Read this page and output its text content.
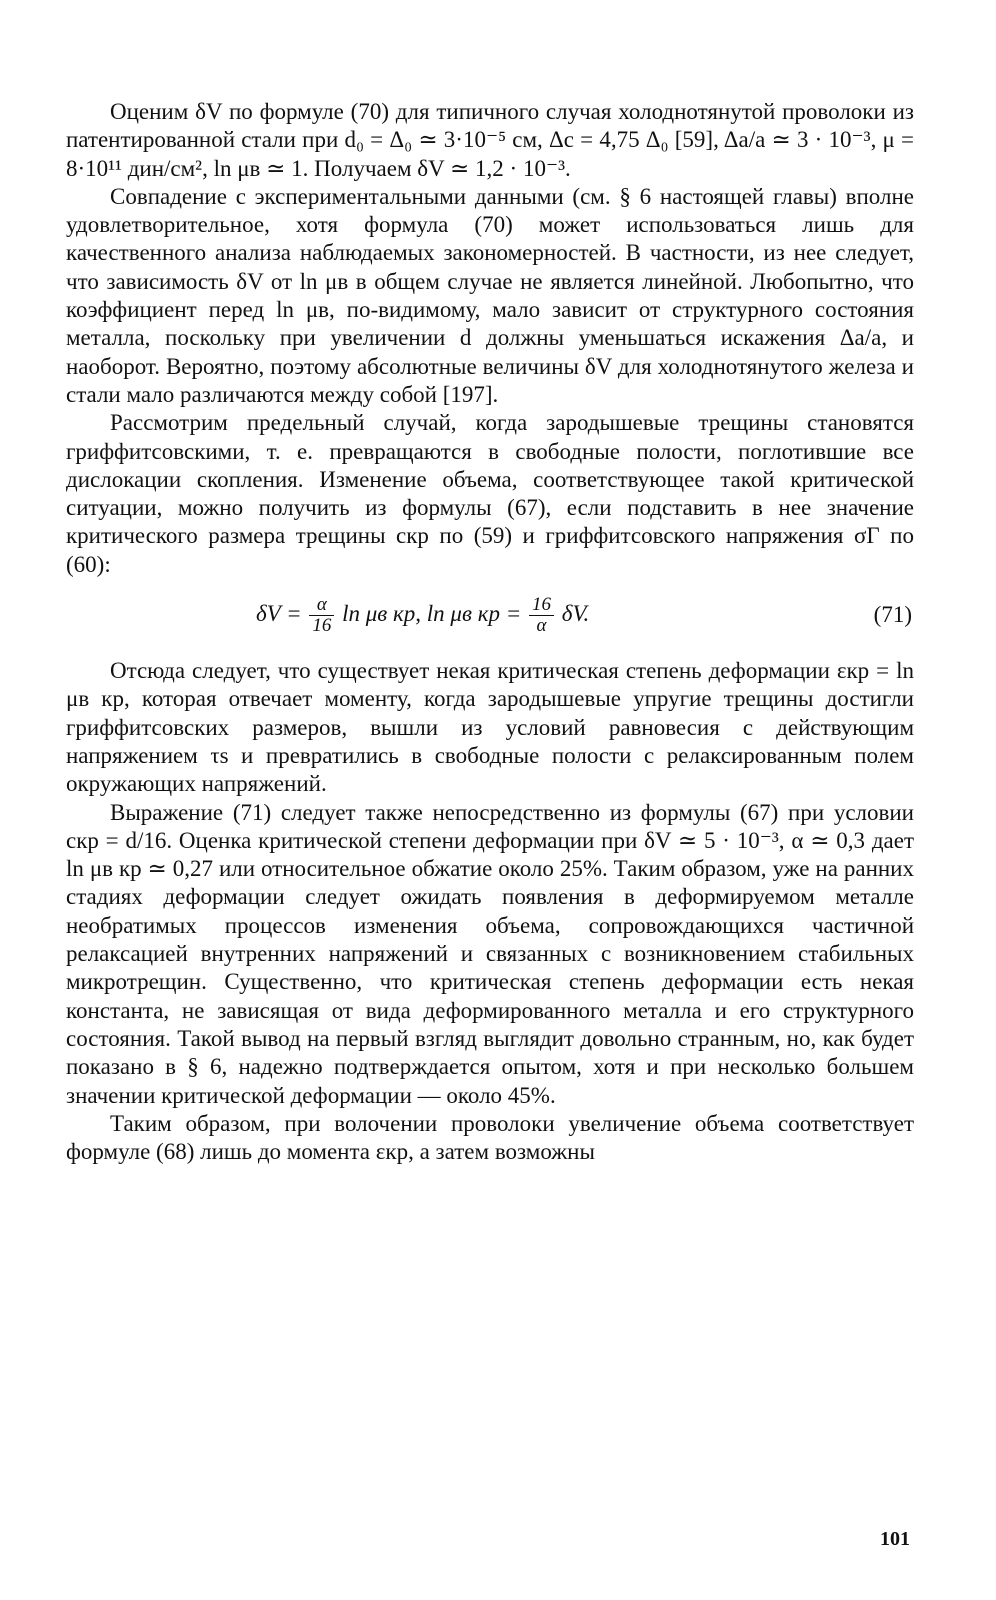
Оценим δV по формуле (70) для типичного случая холоднотянутой проволоки из патентированной стали при d₀ = Δ₀ ≃ 3·10⁻⁵ см, Δс = 4,75 Δ₀ [59], Δa/a ≃ 3 · 10⁻³, μ = 8·10¹¹ дин/см², ln μв ≃ 1. Получаем δV ≃ 1,2 · 10⁻³.

Совпадение с экспериментальными данными (см. § 6 настоящей главы) вполне удовлетворительное, хотя формула (70) может использоваться лишь для качественного анализа наблюдаемых закономерностей. В частности, из нее следует, что зависимость δV от ln μв в общем случае не является линейной. Любопытно, что коэффициент перед ln μв, по-видимому, мало зависит от структурного состояния металла, поскольку при увеличении d должны уменьшаться искажения Δa/a, и наоборот. Вероятно, поэтому абсолютные величины δV для холоднотянутого железа и стали мало различаются между собой [197].

Рассмотрим предельный случай, когда зародышевые трещины становятся гриффитсовскими, т. е. превращаются в свободные полости, поглотившие все дислокации скопления. Изменение объема, соответствующее такой критической ситуации, можно получить из формулы (67), если подставить в нее значение критического размера трещины cкр по (59) и гриффитсовского напряжения σГ по (60):

$\delta V = \frac{\alpha}{16}$ ln μв кр, ln μв кр = $\frac{16}{\alpha} \delta V$.	(71)

Отсюда следует, что существует некая критическая степень деформации εкр = ln μв кр, которая отвечает моменту, когда зародышевые упругие трещины достигли гриффитсовских размеров, вышли из условий равновесия с действующим напряжением τs и превратились в свободные полости с релаксированным полем окружающих напряжений.

Выражение (71) следует также непосредственно из формулы (67) при условии cкр = d/16. Оценка критической степени деформации при δV ≃ 5 · 10⁻³, α ≃ 0,3 дает ln μв кр ≃ 0,27 или относительное обжатие около 25%. Таким образом, уже на ранних стадиях деформации следует ожидать появления в деформируемом металле необратимых процессов изменения объема, сопровождающихся частичной релаксацией внутренних напряжений и связанных с возникновением стабильных микротрещин. Существенно, что критическая степень деформации есть некая константа, не зависящая от вида деформированного металла и его структурного состояния. Такой вывод на первый взгляд выглядит довольно странным, но, как будет показано в § 6, надежно подтверждается опытом, хотя и при несколько большем значении критической деформации — около 45%.

Таким образом, при волочении проволоки увеличение объема соответствует формуле (68) лишь до момента εкр, а затем возможны

101
